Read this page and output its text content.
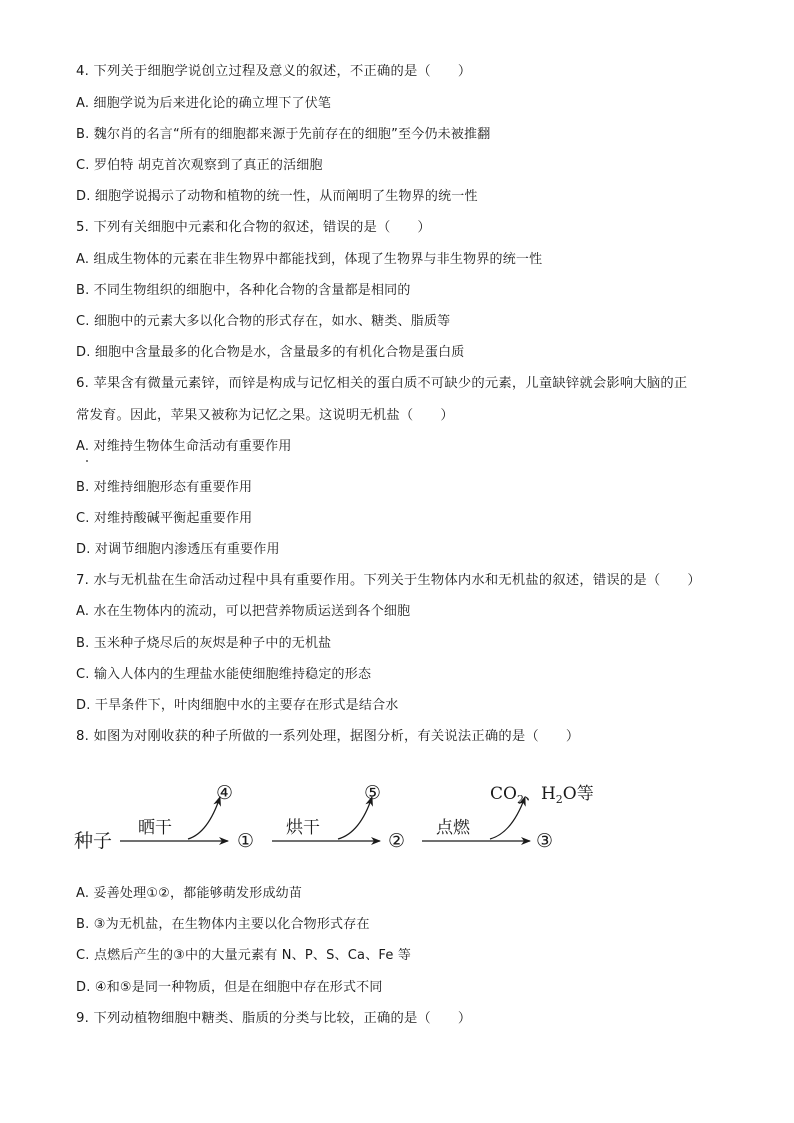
4. 下列关于细胞学说创立过程及意义的叙述，不正确的是（　　）
A. 细胞学说为后来进化论的确立埋下了伏笔
B. 魏尔肖的名言“所有的细胞都来源于先前存在的细胞”至今仍未被推翻
C. 罗伯特 胡克首次观察到了真正的活细胞
D. 细胞学说揭示了动物和植物的统一性，从而阐明了生物界的统一性
5. 下列有关细胞中元素和化合物的叙述，错误的是（　　）
A. 组成生物体的元素在非生物界中都能找到，体现了生物界与非生物界的统一性
B. 不同生物组织的细胞中，各种化合物的含量都是相同的
C. 细胞中的元素大多以化合物的形式存在，如水、糖类、脂质等
D. 细胞中含量最多的化合物是水，含量最多的有机化合物是蛋白质
6. 苹果含有微量元素锌，而锌是构成与记忆相关的蛋白质不可缺少的元素，儿童缺锌就会影响大脑的正
常发育。因此，苹果又被称为记忆之果。这说明无机盐（　　）
A. 对维持生物体生命活动有重要作用
B. 对维持细胞形态有重要作用
C. 对维持酸碱平衡起重要作用
D. 对调节细胞内渗透压有重要作用
7. 水与无机盐在生命活动过程中具有重要作用。下列关于生物体内水和无机盐的叙述，错误的是（　　）
A. 水在生物体内的流动，可以把营养物质运送到各个细胞
B. 玉米种子烧尽后的灰烬是种子中的无机盐
C. 输入人体内的生理盐水能使细胞维持稳定的形态
D. 干旱条件下，叶肉细胞中水的主要存在形式是结合水
8. 如图为对刚收获的种子所做的一系列处理，据图分析，有关说法正确的是（　　）
种子
晒干
④
①
烘干
⑤
②
点燃
$CO_2$、$H_2O$等
③
A. 妥善处理①②，都能够萌发形成幼苗
B. ③为无机盐，在生物体内主要以化合物形式存在
C. 点燃后产生的③中的大量元素有 N、P、S、Ca、Fe 等
D. ④和⑤是同一种物质，但是在细胞中存在形式不同
9. 下列动植物细胞中糖类、脂质的分类与比较，正确的是（　　）
